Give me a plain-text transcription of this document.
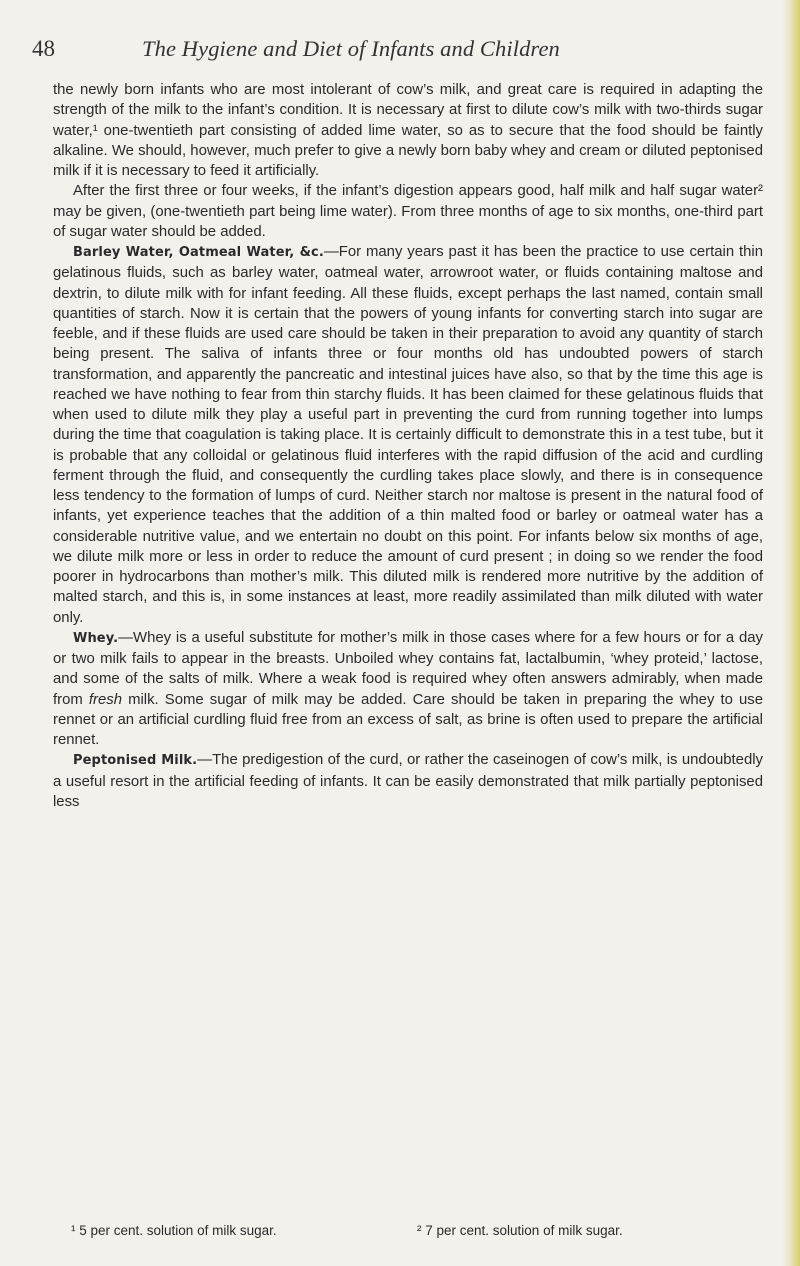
48	The Hygiene and Diet of Infants and Children

the newly born infants who are most intolerant of cow’s milk, and great care is required in adapting the strength of the milk to the infant’s condition. It is necessary at first to dilute cow’s milk with two-thirds sugar water,¹ one-twentieth part consisting of added lime water, so as to secure that the food should be faintly alkaline. We should, however, much prefer to give a newly born baby whey and cream or diluted peptonised milk if it is necessary to feed it artificially.

After the first three or four weeks, if the infant’s digestion appears good, half milk and half sugar water² may be given, (one-twentieth part being lime water). From three months of age to six months, one-third part of sugar water should be added.

Barley Water, Oatmeal Water, &c.—For many years past it has been the practice to use certain thin gelatinous fluids, such as barley water, oatmeal water, arrowroot water, or fluids containing maltose and dextrin, to dilute milk with for infant feeding. All these fluids, except perhaps the last named, contain small quantities of starch. Now it is certain that the powers of young infants for converting starch into sugar are feeble, and if these fluids are used care should be taken in their preparation to avoid any quantity of starch being present. The saliva of infants three or four months old has undoubted powers of starch transformation, and apparently the pancreatic and intestinal juices have also, so that by the time this age is reached we have nothing to fear from thin starchy fluids. It has been claimed for these gelatinous fluids that when used to dilute milk they play a useful part in preventing the curd from running together into lumps during the time that coagulation is taking place. It is certainly difficult to demonstrate this in a test tube, but it is probable that any colloidal or gelatinous fluid interferes with the rapid diffusion of the acid and curdling ferment through the fluid, and consequently the curdling takes place slowly, and there is in consequence less tendency to the formation of lumps of curd. Neither starch nor maltose is present in the natural food of infants, yet experience teaches that the addition of a thin malted food or barley or oatmeal water has a considerable nutritive value, and we entertain no doubt on this point. For infants below six months of age, we dilute milk more or less in order to reduce the amount of curd present ; in doing so we render the food poorer in hydrocarbons than mother’s milk. This diluted milk is rendered more nutritive by the addition of malted starch, and this is, in some instances at least, more readily assimilated than milk diluted with water only.

Whey.—Whey is a useful substitute for mother’s milk in those cases where for a few hours or for a day or two milk fails to appear in the breasts. Unboiled whey contains fat, lactalbumin, ‘whey proteid,’ lactose, and some of the salts of milk. Where a weak food is required whey often answers admirably, when made from fresh milk. Some sugar of milk may be added. Care should be taken in preparing the whey to use rennet or an artificial curdling fluid free from an excess of salt, as brine is often used to prepare the artificial rennet.

Peptonised Milk.—The predigestion of the curd, or rather the caseinogen of cow’s milk, is undoubtedly a useful resort in the artificial feeding of infants. It can be easily demonstrated that milk partially peptonised less

¹ 5 per cent. solution of milk sugar.	² 7 per cent. solution of milk sugar.
